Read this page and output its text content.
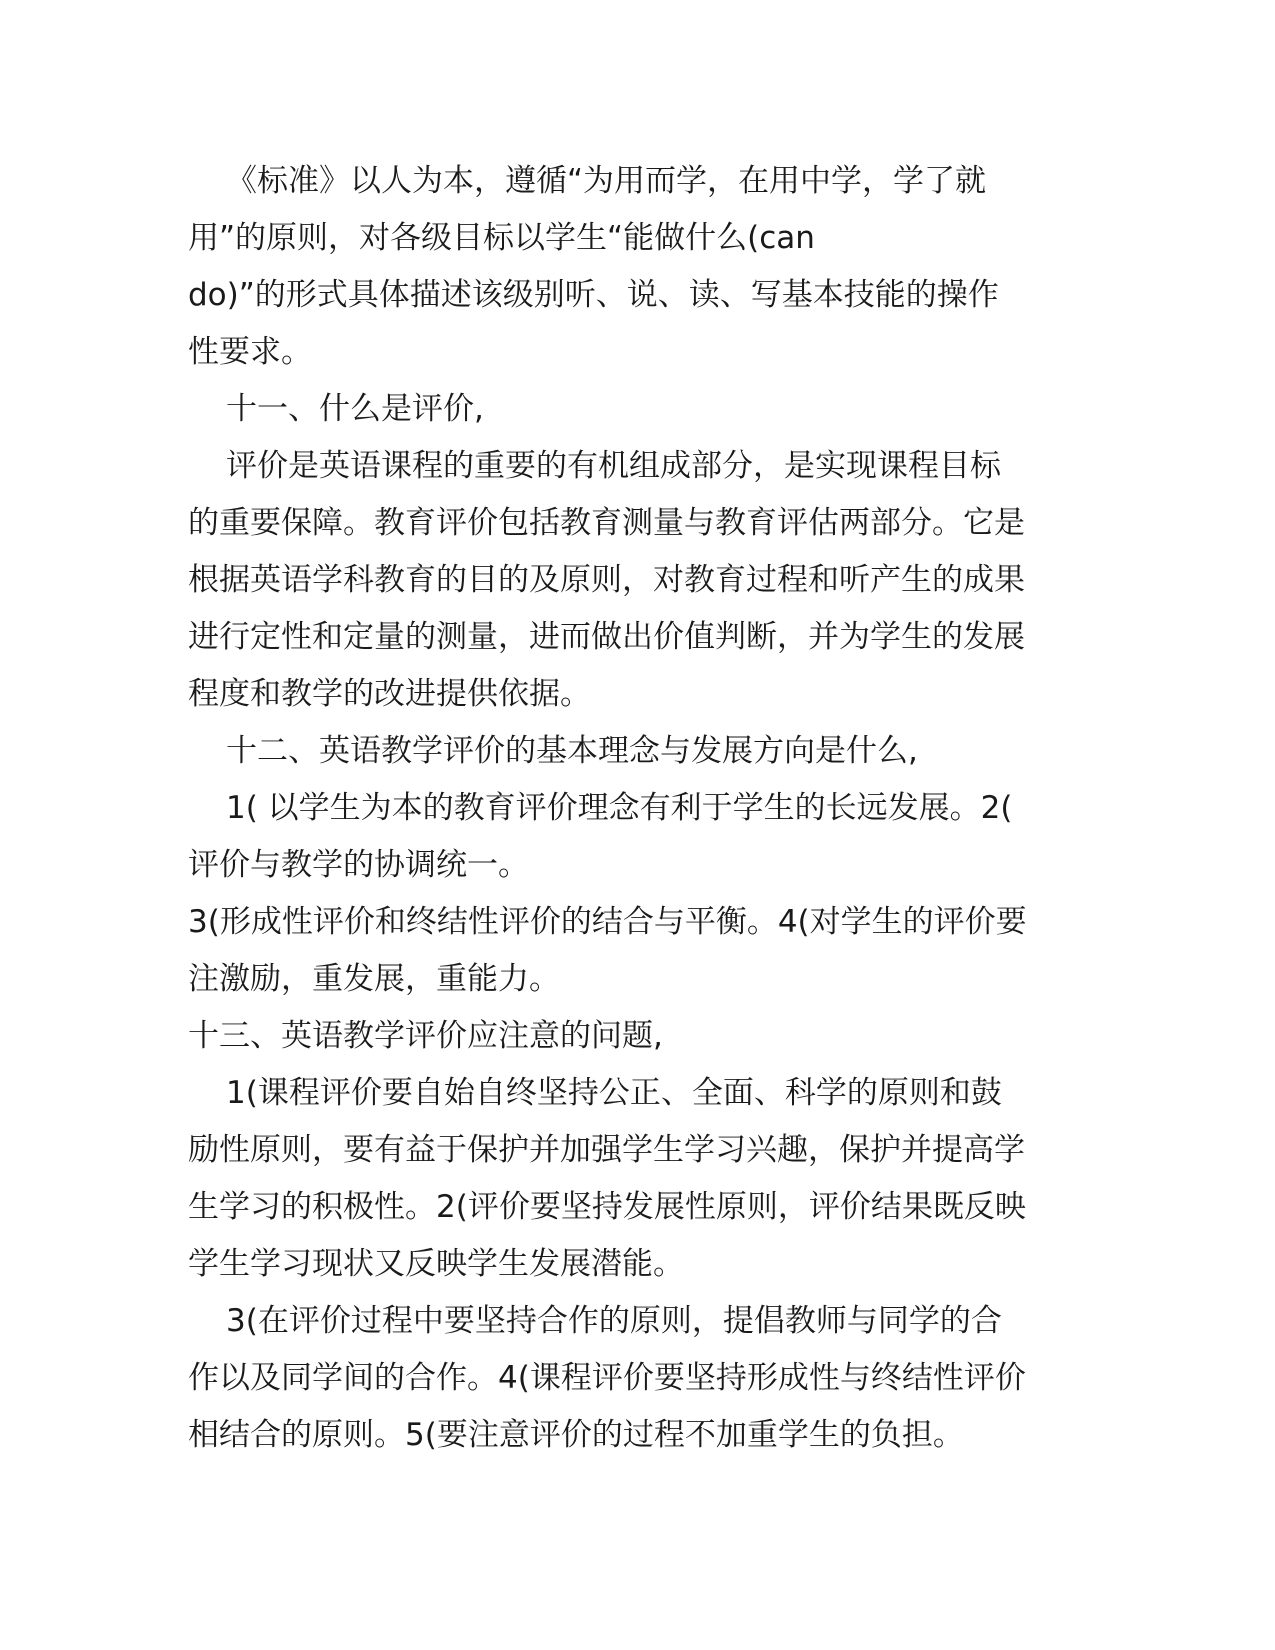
《标准》以人为本，遵循“为用而学，在用中学，学了就
用”的原则，对各级目标以学生“能做什么(can
do)”的形式具体描述该级别听、说、读、写基本技能的操作
性要求。
十一、什么是评价,
评价是英语课程的重要的有机组成部分，是实现课程目标
的重要保障。教育评价包括教育测量与教育评估两部分。它是
根据英语学科教育的目的及原则，对教育过程和听产生的成果
进行定性和定量的测量，进而做出价值判断，并为学生的发展
程度和教学的改进提供依据。
十二、英语教学评价的基本理念与发展方向是什么,
1( 以学生为本的教育评价理念有利于学生的长远发展。2(
评价与教学的协调统一。
3(形成性评价和终结性评价的结合与平衡。4(对学生的评价要
注激励，重发展，重能力。
十三、英语教学评价应注意的问题,
1(课程评价要自始自终坚持公正、全面、科学的原则和鼓
励性原则，要有益于保护并加强学生学习兴趣，保护并提高学
生学习的积极性。2(评价要坚持发展性原则，评价结果既反映
学生学习现状又反映学生发展潜能。
3(在评价过程中要坚持合作的原则，提倡教师与同学的合
作以及同学间的合作。4(课程评价要坚持形成性与终结性评价
相结合的原则。5(要注意评价的过程不加重学生的负担。
